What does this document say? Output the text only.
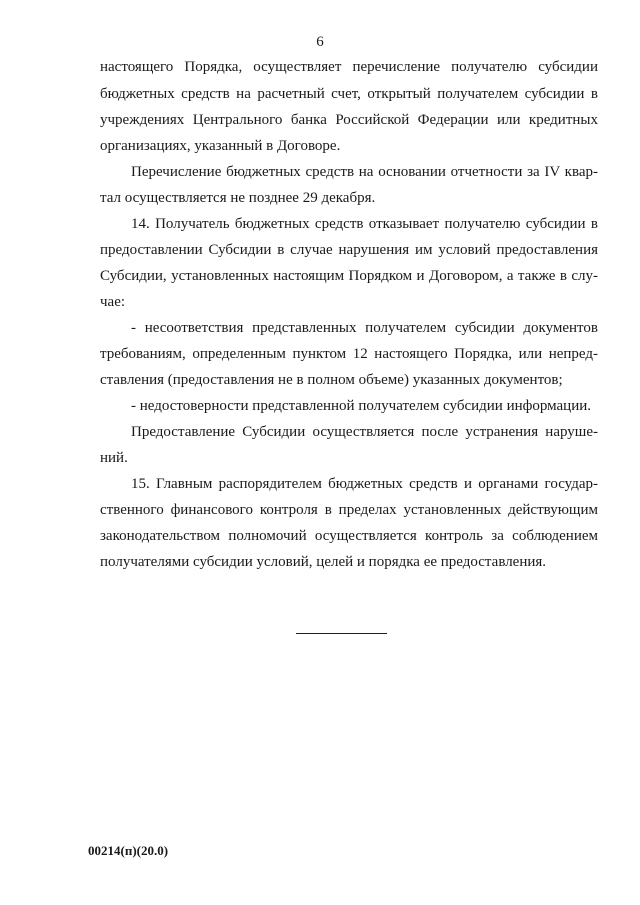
6
настоящего Порядка, осуществляет перечисление получателю субсидии
бюджетных средств на расчетный счет, открытый получателем субсидии в
учреждениях Центрального банка Российской Федерации или кредитных
организациях, указанный в Договоре.
Перечисление бюджетных средств на основании отчетности за IV квар-
тал осуществляется не позднее 29 декабря.
14. Получатель бюджетных средств отказывает получателю субсидии в
предоставлении Субсидии в случае нарушения им условий предоставления
Субсидии, установленных настоящим Порядком и Договором, а также в слу-
чае:
- несоответствия представленных получателем субсидии документов
требованиям, определенным пунктом 12 настоящего Порядка, или непред-
ставления (предоставления не в полном объеме) указанных документов;
- недостоверности представленной получателем субсидии информации.
Предоставление Субсидии осуществляется после устранения наруше-
ний.
15. Главным распорядителем бюджетных средств и органами государ-
ственного финансового контроля в пределах установленных действующим
законодательством полномочий осуществляется контроль за соблюдением
получателями субсидии условий, целей и порядка ее предоставления.
00214(п)(20.0)
